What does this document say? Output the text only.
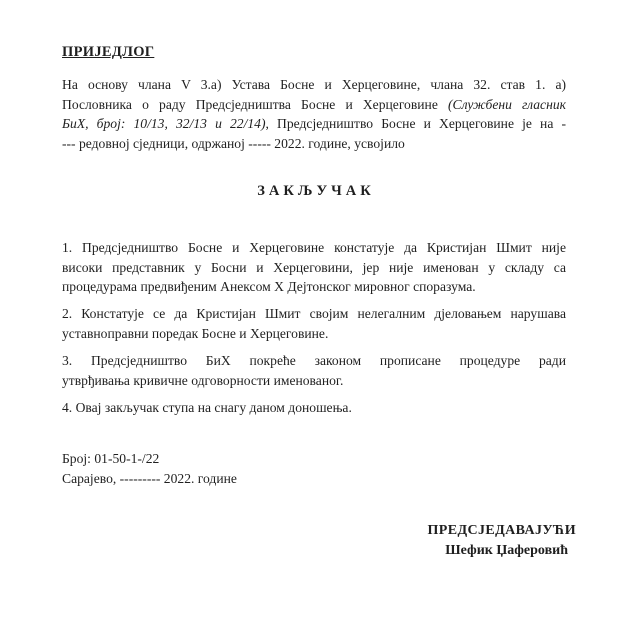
ПРИЈЕДЛОГ
На основу члана V 3.а) Устава Босне и Херцеговине, члана 32. став 1. а)
Пословника о раду Предсједништва Босне и Херцеговине (Службени гласник
БиХ, број: 10/13, 32/13 и 22/14), Предсједништво Босне и Херцеговине је на -
--- редовној сједници, одржаној ----- 2022. године, усвојило
ЗАКЉУЧАК
1. Предсједништво Босне и Херцеговине констатује да Кристијан Шмит није
високи представник у Босни и Херцеговини, јер није именован у складу са
процедурама предвиђеним Анексом X Дејтонског мировног споразума.
2. Констатује се да Кристијан Шмит својим нелегалним дјеловањем нарушава
уставноправни поредак Босне и Херцеговине.
3. Предсједништво БиХ покреће законом прописане процедуре ради
утврђивања кривичне одговорности именованог.
4. Овај закључак ступа на снагу даном доношења.
Број: 01-50-1-/22
Сарајево, --------- 2022. године
ПРЕДСЈЕДАВАЈУЋИ
Шефик Џаферовић
